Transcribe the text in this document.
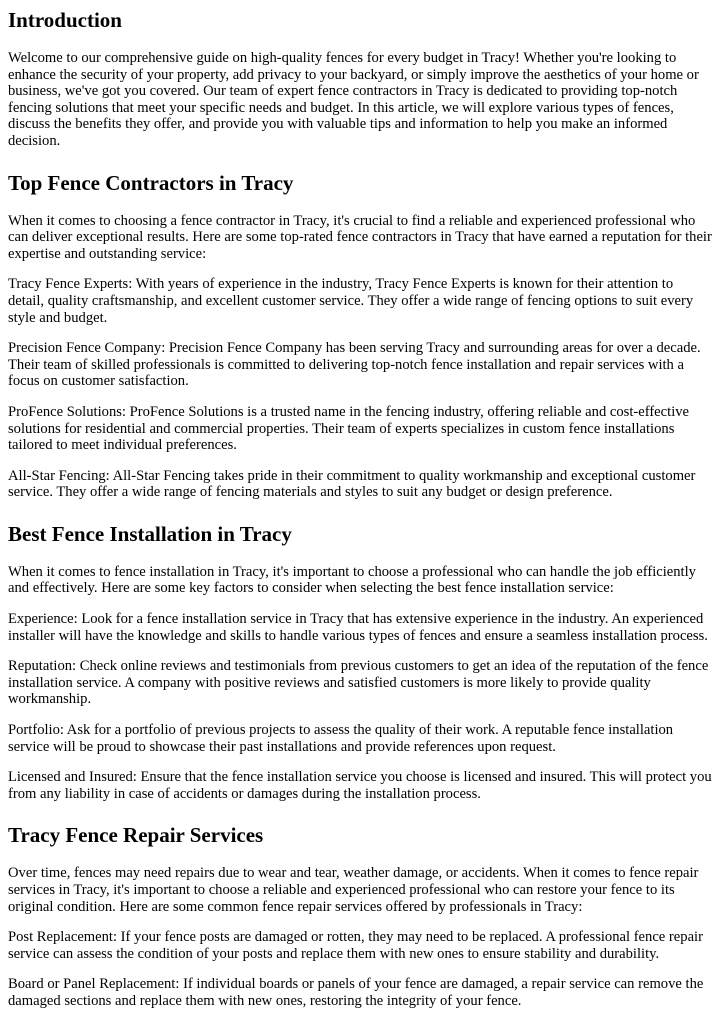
Introduction

Welcome to our comprehensive guide on high-quality fences for every budget in Tracy! Whether you're looking to enhance the security of your property, add privacy to your backyard, or simply improve the aesthetics of your home or business, we've got you covered. Our team of expert fence contractors in Tracy is dedicated to providing top-notch fencing solutions that meet your specific needs and budget. In this article, we will explore various types of fences, discuss the benefits they offer, and provide you with valuable tips and information to help you make an informed decision.

Top Fence Contractors in Tracy

When it comes to choosing a fence contractor in Tracy, it's crucial to find a reliable and experienced professional who can deliver exceptional results. Here are some top-rated fence contractors in Tracy that have earned a reputation for their expertise and outstanding service:

Tracy Fence Experts: With years of experience in the industry, Tracy Fence Experts is known for their attention to detail, quality craftsmanship, and excellent customer service. They offer a wide range of fencing options to suit every style and budget.

Precision Fence Company: Precision Fence Company has been serving Tracy and surrounding areas for over a decade. Their team of skilled professionals is committed to delivering top-notch fence installation and repair services with a focus on customer satisfaction.

ProFence Solutions: ProFence Solutions is a trusted name in the fencing industry, offering reliable and cost-effective solutions for residential and commercial properties. Their team of experts specializes in custom fence installations tailored to meet individual preferences.

All-Star Fencing: All-Star Fencing takes pride in their commitment to quality workmanship and exceptional customer service. They offer a wide range of fencing materials and styles to suit any budget or design preference.

Best Fence Installation in Tracy

When it comes to fence installation in Tracy, it's important to choose a professional who can handle the job efficiently and effectively. Here are some key factors to consider when selecting the best fence installation service:

Experience: Look for a fence installation service in Tracy that has extensive experience in the industry. An experienced installer will have the knowledge and skills to handle various types of fences and ensure a seamless installation process.

Reputation: Check online reviews and testimonials from previous customers to get an idea of the reputation of the fence installation service. A company with positive reviews and satisfied customers is more likely to provide quality workmanship.

Portfolio: Ask for a portfolio of previous projects to assess the quality of their work. A reputable fence installation service will be proud to showcase their past installations and provide references upon request.

Licensed and Insured: Ensure that the fence installation service you choose is licensed and insured. This will protect you from any liability in case of accidents or damages during the installation process.

Tracy Fence Repair Services

Over time, fences may need repairs due to wear and tear, weather damage, or accidents. When it comes to fence repair services in Tracy, it's important to choose a reliable and experienced professional who can restore your fence to its original condition. Here are some common fence repair services offered by professionals in Tracy:

Post Replacement: If your fence posts are damaged or rotten, they may need to be replaced. A professional fence repair service can assess the condition of your posts and replace them with new ones to ensure stability and durability.

Board or Panel Replacement: If individual boards or panels of your fence are damaged, a repair service can remove the damaged sections and replace them with new ones, restoring the integrity of your fence.
